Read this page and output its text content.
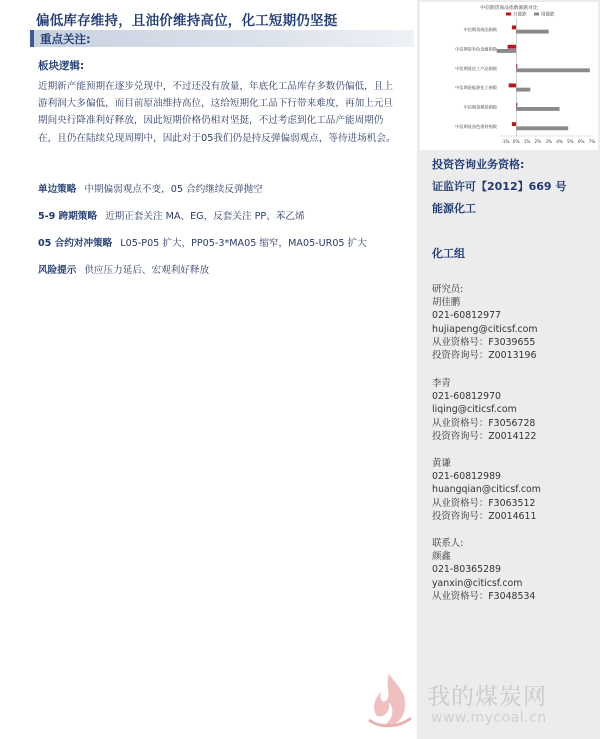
偏低库存维持，且油价维持高位，化工短期仍坚挺
重点关注:
板块逻辑:
近期新产能预期在逐步兑现中，不过还没有放量，年底化工品库存多数仍偏低，且上游利润大多偏低，而目前原油维持高位，这给短期化工品下行带来难度，再加上元旦期间央行降准利好释放，因此短期价格仍相对坚挺，不过考虑到化工品产能周期仍在，且仍在陆续兑现周期中，因此对于05我们仍是持反弹偏弱观点，等待进场机会。
单边策略 中期偏弱观点不变，05 合约继续反弹抛空
5-9 跨期策略 近期正套关注 MA、EG，反套关注 PP、苯乙烯
05 合约对冲策略 L05-P05 扩大，PP05-3*MA05 缩窄，MA05-UR05 扩大
风险提示 供应压力延后、宏观利好释放
中信期货商品指数涨跌对比
日涨跌	周涨跌
-1% 0% 1% 2% 3% 4% 5% 6% 7%
中信期货商品指数
中信期货有色金属指数
中信期货化工产品指数
中信期货能源化工指数
中信期货煤炭指数
中信期货黑色建材指数
投资咨询业务资格:
证监许可【2012】669 号
能源化工
化工组
研究员:
胡佳鹏
021-60812977
hujiapeng@citicsf.com
从业资格号：F3039655
投资咨询号：Z0013196
李青
021-60812970
liqing@citicsf.com
从业资格号：F3056728
投资咨询号：Z0014122
黄谦
021-60812989
huangqian@citicsf.com
从业资格号：F3063512
投资咨询号：Z0014611
联系人:
颜鑫
021-80365289
yanxin@citicsf.com
从业资格号：F3048534
我的煤炭网
www.mycoal.cn
